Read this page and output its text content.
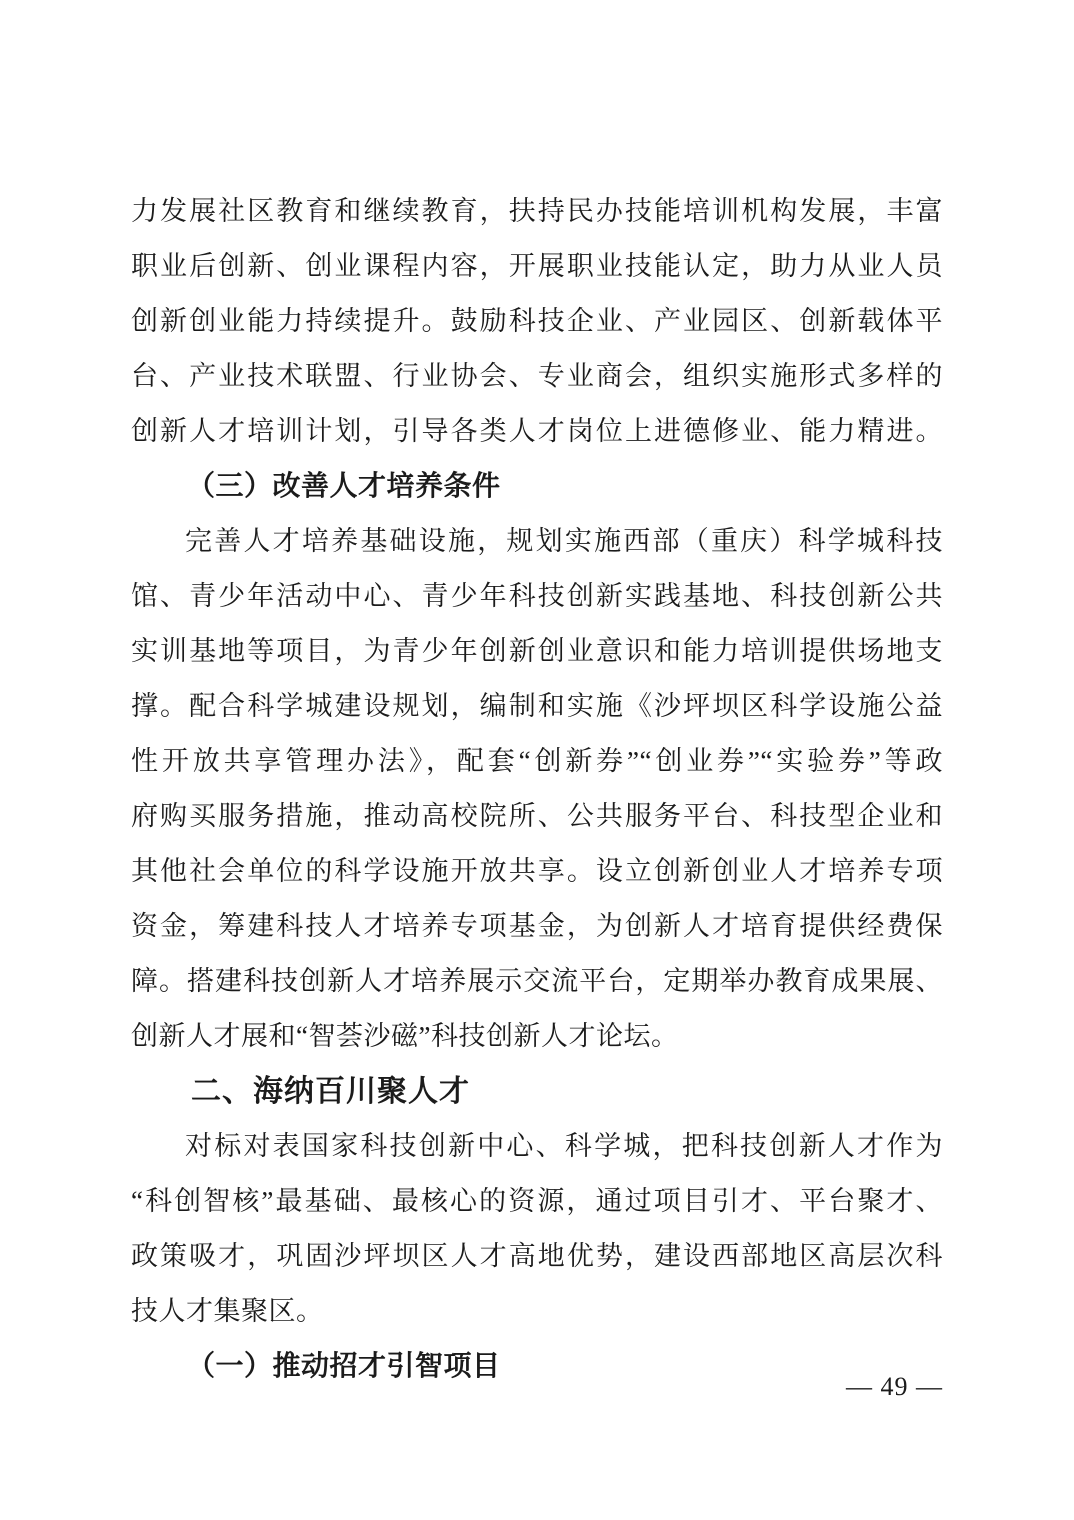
力发展社区教育和继续教育，扶持民办技能培训机构发展，丰富
职业后创新、创业课程内容，开展职业技能认定，助力从业人员
创新创业能力持续提升。鼓励科技企业、产业园区、创新载体平
台、产业技术联盟、行业协会、专业商会，组织实施形式多样的
创新人才培训计划，引导各类人才岗位上进德修业、能力精进。
（三）改善人才培养条件
完善人才培养基础设施，规划实施西部（重庆）科学城科技
馆、青少年活动中心、青少年科技创新实践基地、科技创新公共
实训基地等项目，为青少年创新创业意识和能力培训提供场地支
撑。配合科学城建设规划，编制和实施《沙坪坝区科学设施公益
性开放共享管理办法》，配套“创新券”“创业券”“实验券”等政
府购买服务措施，推动高校院所、公共服务平台、科技型企业和
其他社会单位的科学设施开放共享。设立创新创业人才培养专项
资金，筹建科技人才培养专项基金，为创新人才培育提供经费保
障。搭建科技创新人才培养展示交流平台，定期举办教育成果展、
创新人才展和“智荟沙磁”科技创新人才论坛。
二、海纳百川聚人才
对标对表国家科技创新中心、科学城，把科技创新人才作为
“科创智核”最基础、最核心的资源，通过项目引才、平台聚才、
政策吸才，巩固沙坪坝区人才高地优势，建设西部地区高层次科
技人才集聚区。
（一）推动招才引智项目
— 49 —
